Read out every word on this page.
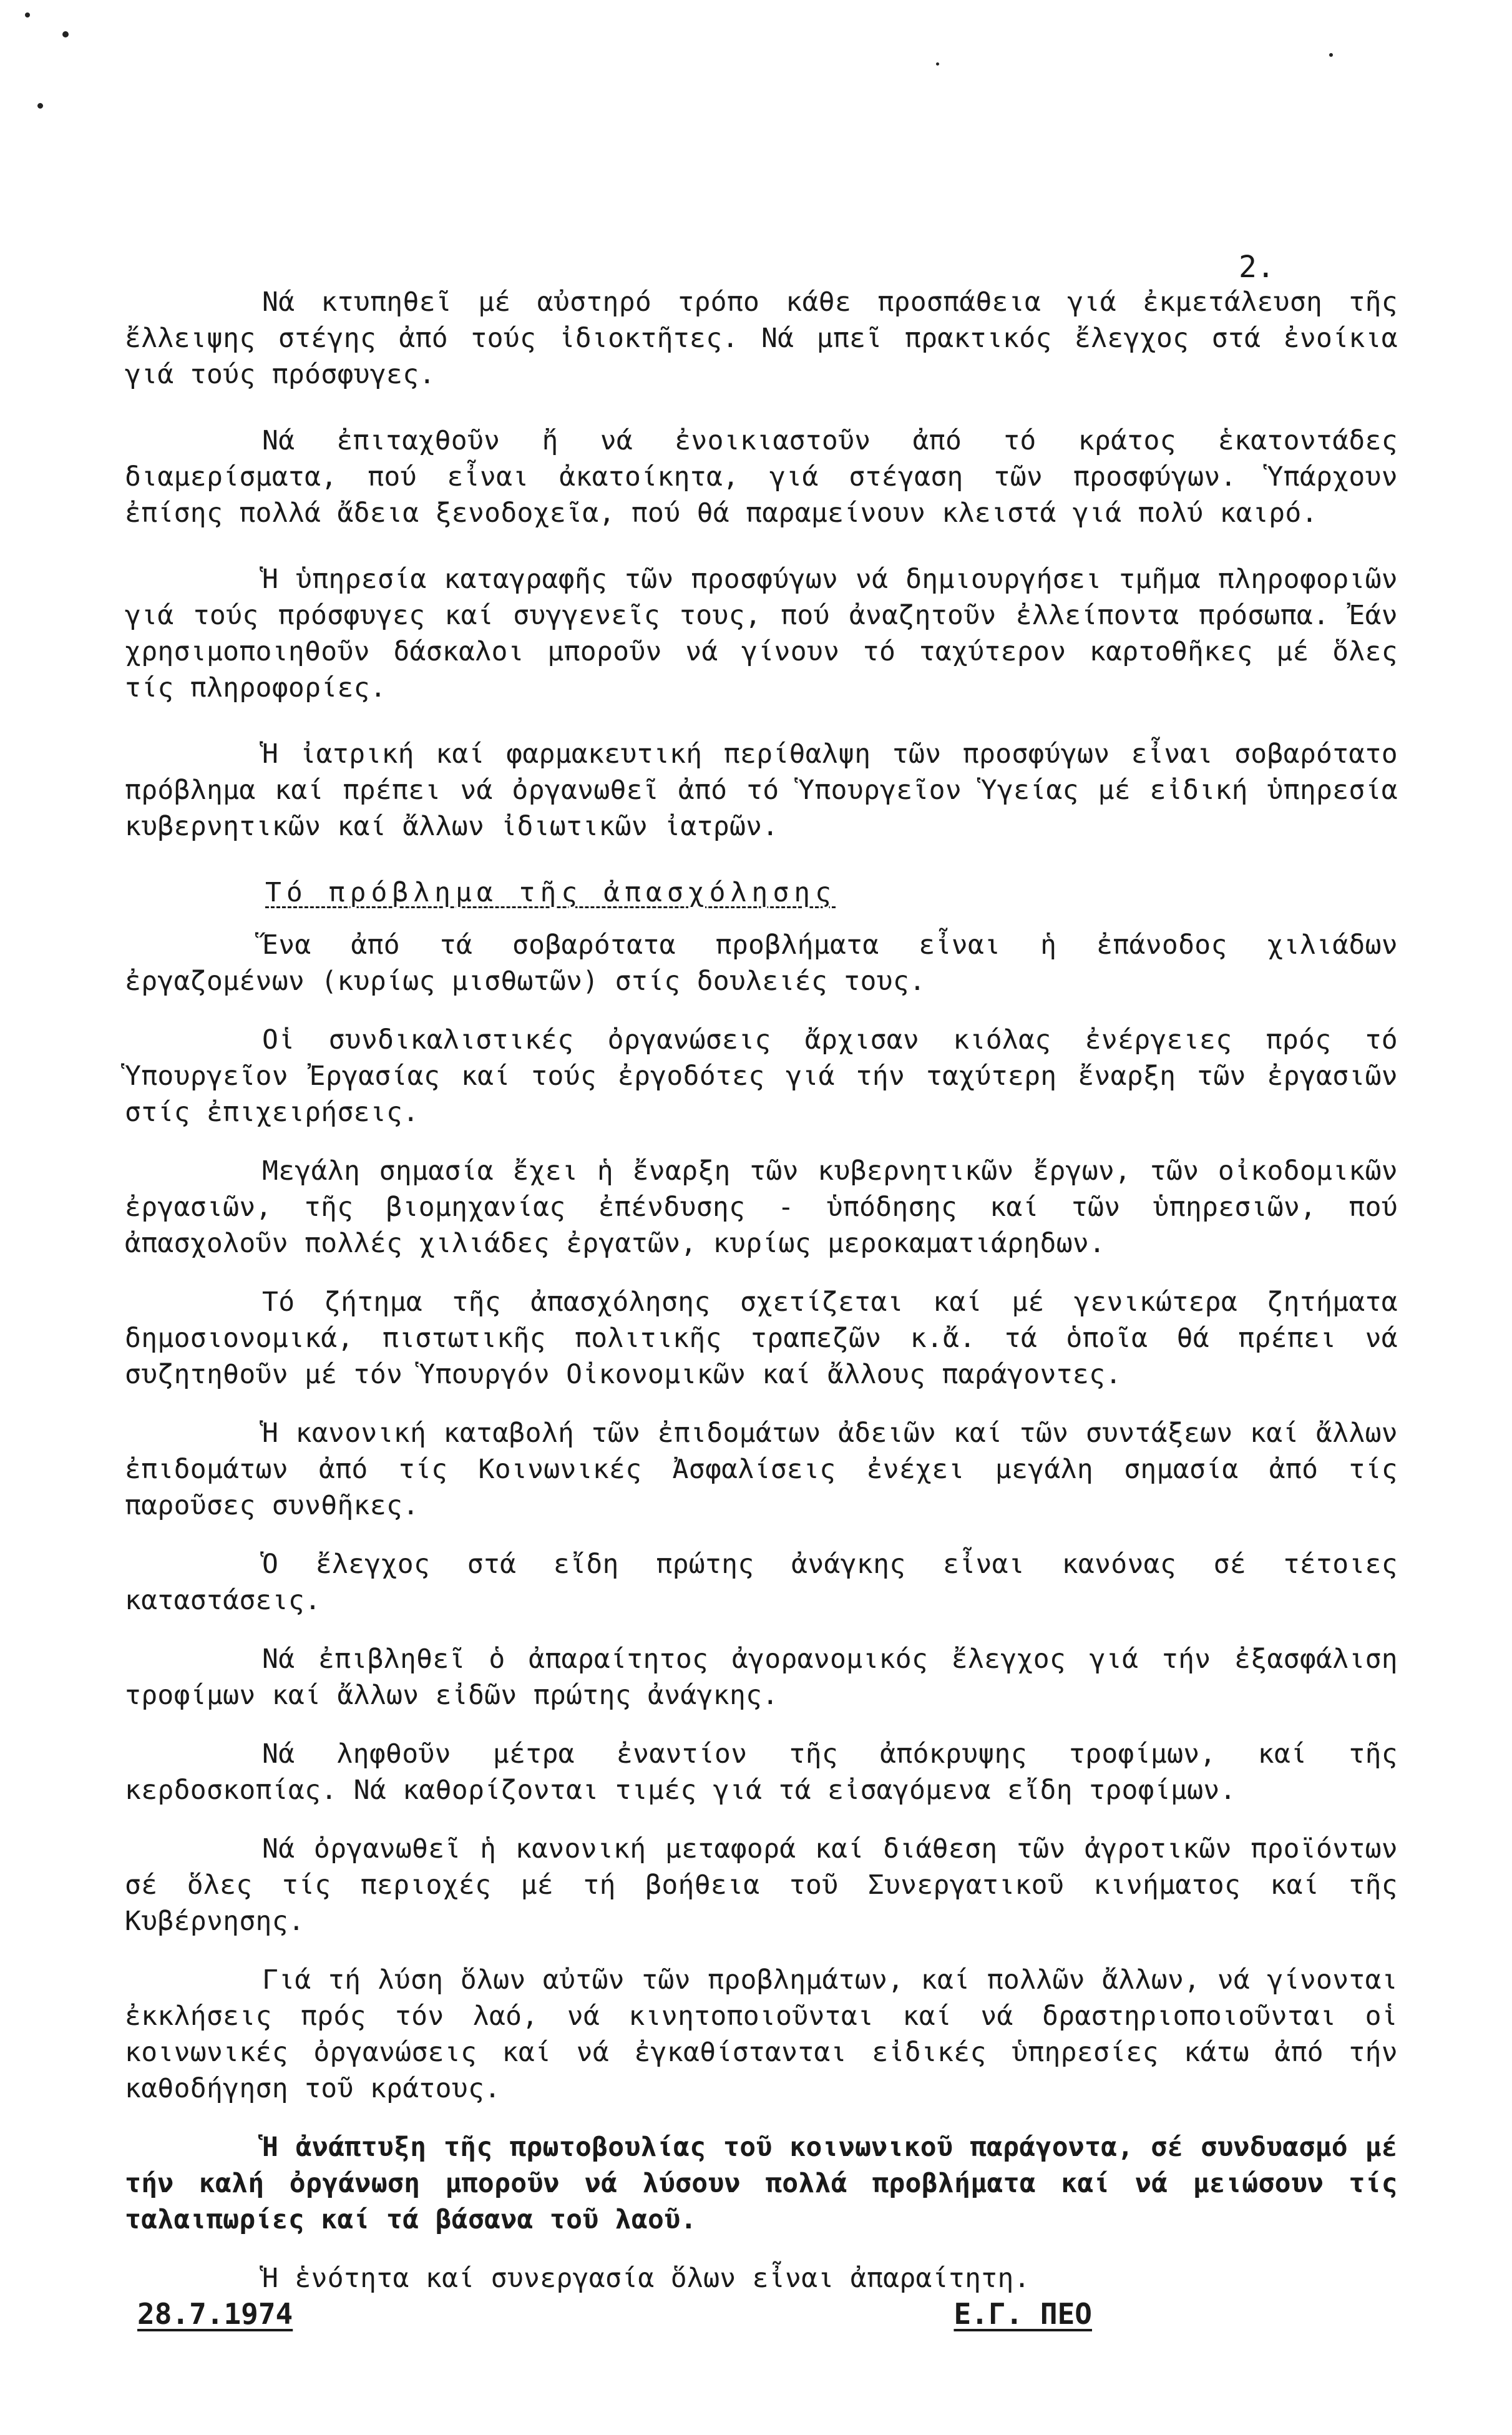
2.

Νά κτυπηθεῖ μέ αὐστηρό τρόπο κάθε προσπάθεια γιά ἐκμετάλευση τῆς ἔλλειψης στέγης ἀπό τούς ἰδιοκτῆτες. Νά μπεῖ πρακτικός ἔλεγχος στά ἐνοίκια γιά τούς πρόσφυγες.

Νά ἐπιταχθοῦν ἤ νά ἐνοικιαστοῦν ἀπό τό κράτος ἑκατοντάδες διαμερίσματα, πού εἶναι ἀκατοίκητα, γιά στέγαση τῶν προσφύγων. Ὑπάρχουν ἐπίσης πολλά ἄδεια ξενοδοχεῖα, πού θά παραμείνουν κλειστά γιά πολύ καιρό.

Ἡ ὑπηρεσία καταγραφῆς τῶν προσφύγων νά δημιουργήσει τμῆμα πληροφοριῶν γιά τούς πρόσφυγες καί συγγενεῖς τους, πού ἀναζητοῦν ἐλλείποντα πρόσωπα. Ἐάν χρησιμοποιηθοῦν δάσκαλοι μποροῦν νά γίνουν τό ταχύτερον καρτοθῆκες μέ ὅλες τίς πληροφορίες.

Ἡ ἰατρική καί φαρμακευτική περίθαλψη τῶν προσφύγων εἶναι σοβαρότατο πρόβλημα καί πρέπει νά ὀργανωθεῖ ἀπό τό Ὑπουργεῖον Ὑγείας μέ εἰδική ὑπηρεσία κυβερνητικῶν καί ἄλλων ἰδιωτικῶν ἰατρῶν.

Τό πρόβλημα τῆς ἀπασχόλησης

Ἕνα ἀπό τά σοβαρότατα προβλήματα εἶναι ἡ ἐπάνοδος χιλιάδων ἐργαζομένων (κυρίως μισθωτῶν) στίς δουλειές τους.

Οἱ συνδικαλιστικές ὀργανώσεις ἄρχισαν κιόλας ἐνέργειες πρός τό Ὑπουργεῖον Ἐργασίας καί τούς ἐργοδότες γιά τήν ταχύτερη ἔναρξη τῶν ἐργασιῶν στίς ἐπιχειρήσεις.

Μεγάλη σημασία ἔχει ἡ ἔναρξη τῶν κυβερνητικῶν ἔργων, τῶν οἰκοδομικῶν ἐργασιῶν, τῆς βιομηχανίας ἐπένδυσης - ὑπόδησης καί τῶν ὑπηρεσιῶν, πού ἀπασχολοῦν πολλές χιλιάδες ἐργατῶν, κυρίως μεροκαματιάρηδων.

Τό ζήτημα τῆς ἀπασχόλησης σχετίζεται καί μέ γενικώτερα ζητήματα δημοσιονομικά, πιστωτικῆς πολιτικῆς τραπεζῶν κ.ἄ. τά ὁποῖα θά πρέπει νά συζητηθοῦν μέ τόν Ὑπουργόν Οἰκονομικῶν καί ἄλλους παράγοντες.

Ἡ κανονική καταβολή τῶν ἐπιδομάτων ἀδειῶν καί τῶν συντάξεων καί ἄλλων ἐπιδομάτων ἀπό τίς Κοινωνικές Ἀσφαλίσεις ἐνέχει μεγάλη σημασία ἀπό τίς παροῦσες συνθῆκες.

Ὁ ἔλεγχος στά εἴδη πρώτης ἀνάγκης εἶναι κανόνας σέ τέτοιες καταστάσεις.

Νά ἐπιβληθεῖ ὁ ἀπαραίτητος ἀγορανομικός ἔλεγχος γιά τήν ἐξασφάλιση τροφίμων καί ἄλλων εἰδῶν πρώτης ἀνάγκης.

Νά ληφθοῦν μέτρα ἐναντίον τῆς ἀπόκρυψης τροφίμων, καί τῆς κερδοσκοπίας. Νά καθορίζονται τιμές γιά τά εἰσαγόμενα εἴδη τροφίμων.

Νά ὀργανωθεῖ ἡ κανονική μεταφορά καί διάθεση τῶν ἀγροτικῶν προϊόντων σέ ὅλες τίς περιοχές μέ τή βοήθεια τοῦ Συνεργατικοῦ κινήματος καί τῆς Κυβέρνησης.

Γιά τή λύση ὅλων αὐτῶν τῶν προβλημάτων, καί πολλῶν ἄλλων, νά γίνονται ἐκκλήσεις πρός τόν λαό, νά κινητοποιοῦνται καί νά δραστηριοποιοῦνται οἱ κοινωνικές ὀργανώσεις καί νά ἐγκαθίστανται εἰδικές ὑπηρεσίες κάτω ἀπό τήν καθοδήγηση τοῦ κράτους.

Ἡ ἀνάπτυξη τῆς πρωτοβουλίας τοῦ κοινωνικοῦ παράγοντα, σέ συνδυασμό μέ τήν καλή ὀργάνωση μποροῦν νά λύσουν πολλά προβλήματα καί νά μειώσουν τίς ταλαιπωρίες καί τά βάσανα τοῦ λαοῦ.

Ἡ ἑνότητα καί συνεργασία ὅλων εἶναι ἀπαραίτητη.

28.7.1974	Ε.Γ. ΠΕΟ
